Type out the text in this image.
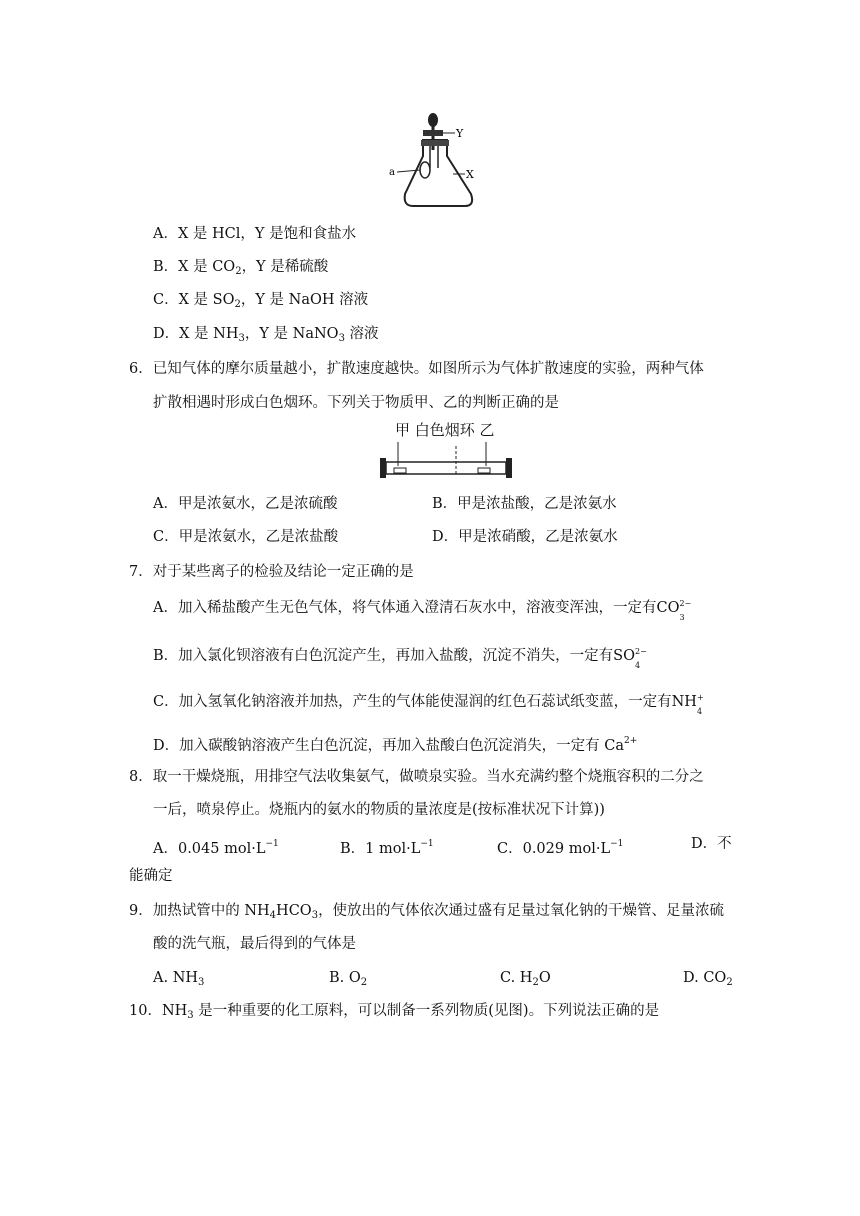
Y
a	X
A．X 是 HCl，Y 是饱和食盐水
B．X 是 $CO_2$，Y 是稀硫酸
C．X 是 $SO_2$，Y 是 NaOH 溶液
D．X 是 $NH_3$，Y 是 NaNO$_3$ 溶液
6．已知气体的摩尔质量越小，扩散速度越快。如图所示为气体扩散速度的实验，两种气体
扩散相遇时形成白色烟环。下列关于物质甲、乙的判断正确的是
甲 白色烟环 乙
A．甲是浓氨水，乙是浓硫酸	B．甲是浓盐酸，乙是浓氨水
C．甲是浓氨水，乙是浓盐酸	D．甲是浓硝酸，乙是浓氨水
7．对于某些离子的检验及结论一定正确的是
A．加入稀盐酸产生无色气体，将气体通入澄清石灰水中，溶液变浑浊，一定有CO 2−
3
B．加入氯化钡溶液有白色沉淀产生，再加入盐酸，沉淀不消失，一定有SO 2−
4
C．加入氢氧化钠溶液并加热，产生的气体能使湿润的红色石蕊试纸变蓝，一定有NH +
4
D．加入碳酸钠溶液产生白色沉淀，再加入盐酸白色沉淀消失，一定有 $Ca^{2+}$
8．取一干燥烧瓶，用排空气法收集氨气，做喷泉实验。当水充满约整个烧瓶容积的二分之
一后，喷泉停止。烧瓶内的氨水的物质的量浓度是(按标准状况下计算))
A．0.045 $mol\cdot L^{-1}$	B．1 $mol\cdot L^{-1}$	C．0.029 $mol\cdot L^{-1}$	D．不
能确定
9．加热试管中的 $NH_4HCO_3$，使放出的气体依次通过盛有足量过氧化钠的干燥管、足量浓硫
酸的洗气瓶，最后得到的气体是
A. $NH_3$	B. $O_2$	C. $H_2O$	D. $CO_2$
10．$NH_3$ 是一种重要的化工原料，可以制备一系列物质(见图)。下列说法正确的是
